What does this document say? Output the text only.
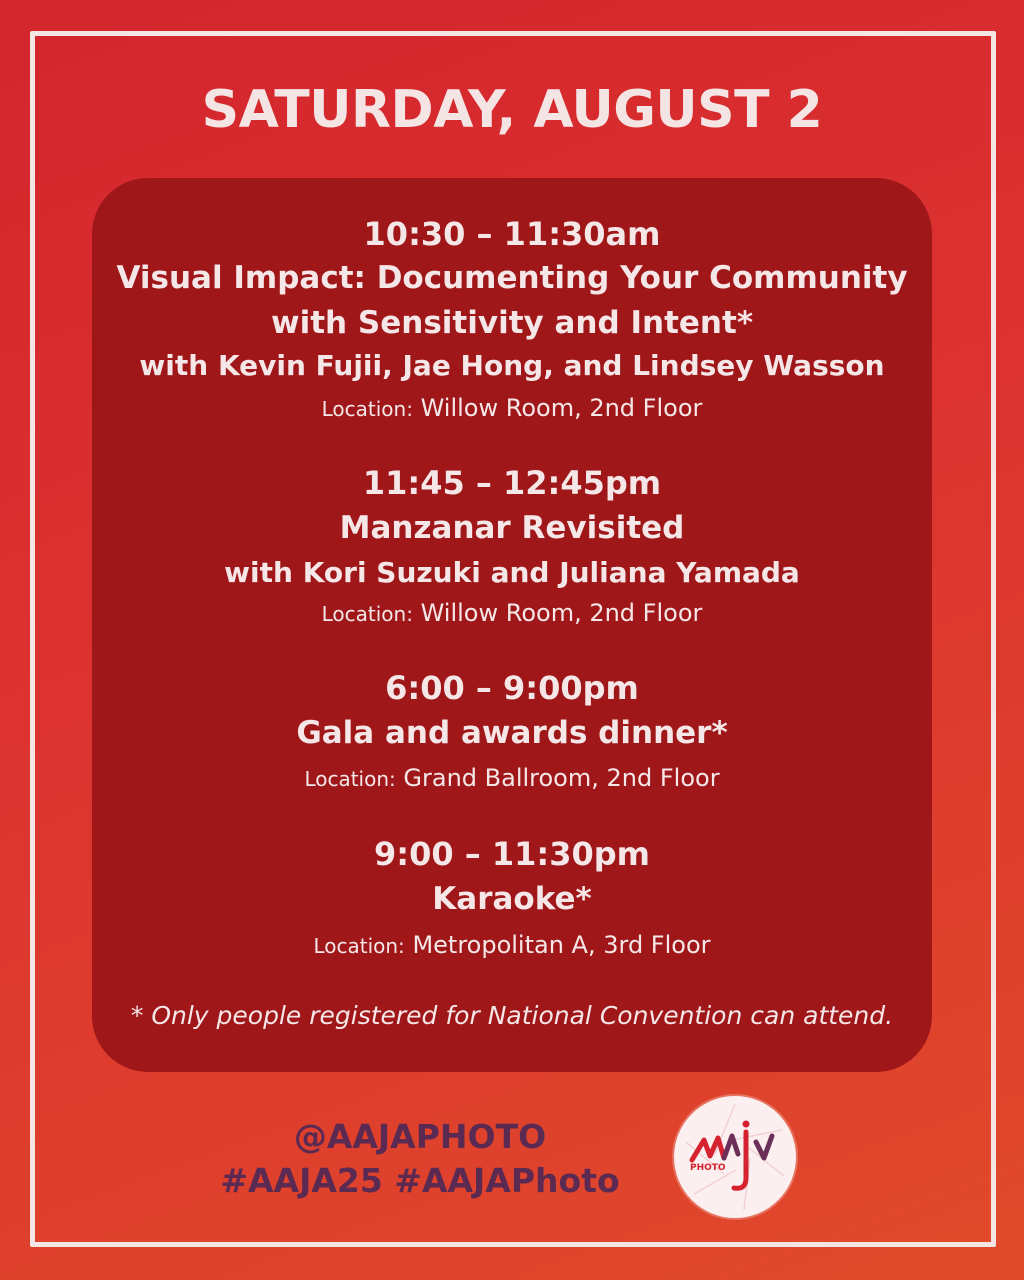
SATURDAY, AUGUST 2
10:30 – 11:30am
Visual Impact: Documenting Your Community
with Sensitivity and Intent*
with Kevin Fujii, Jae Hong, and Lindsey Wasson
Location: Willow Room, 2nd Floor
11:45 – 12:45pm
Manzanar Revisited
with Kori Suzuki and Juliana Yamada
Location: Willow Room, 2nd Floor
6:00 – 9:00pm
Gala and awards dinner*
Location: Grand Ballroom, 2nd Floor
9:00 – 11:30pm
Karaoke*
Location: Metropolitan A, 3rd Floor
* Only people registered for National Convention can attend.
@AAJAPHOTO
#AAJA25 #AAJAPhoto	PHOTO
